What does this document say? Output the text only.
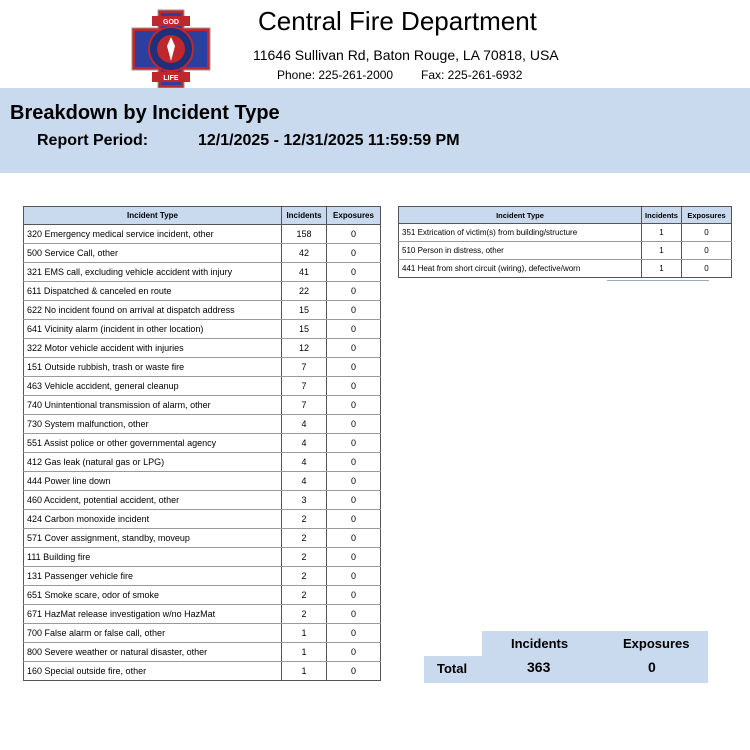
GOD
LIFE
Central Fire Department
11646 Sullivan Rd, Baton Rouge, LA 70818, USA
Phone: 225-261-2000 Fax: 225-261-6932
Breakdown by Incident Type
Report Period:	12/1/2025 - 12/31/2025 11:59:59 PM
Incident Type	Incidents	Exposures
320 Emergency medical service incident, other	158	0
500 Service Call, other	42	0
321 EMS call, excluding vehicle accident with injury	41	0
611 Dispatched & canceled en route	22	0
622 No incident found on arrival at dispatch address	15	0
641 Vicinity alarm (incident in other location)	15	0
322 Motor vehicle accident with injuries	12	0
151 Outside rubbish, trash or waste fire	7	0
463 Vehicle accident, general cleanup	7	0
740 Unintentional transmission of alarm, other	7	0
730 System malfunction, other	4	0
551 Assist police or other governmental agency	4	0
412 Gas leak (natural gas or LPG)	4	0
444 Power line down	4	0
460 Accident, potential accident, other	3	0
424 Carbon monoxide incident	2	0
571 Cover assignment, standby, moveup	2	0
111 Building fire	2	0
131 Passenger vehicle fire	2	0
651 Smoke scare, odor of smoke	2	0
671 HazMat release investigation w/no HazMat	2	0
700 False alarm or false call, other	1	0
800 Severe weather or natural disaster, other	1	0
160 Special outside fire, other	1	0
Incident Type	Incidents	Exposures
351 Extrication of victim(s) from building/structure	1	0
510 Person in distress, other	1	0
441 Heat from short circuit (wiring), defective/worn	1	0
Incidents	Exposures
Total	363	0
